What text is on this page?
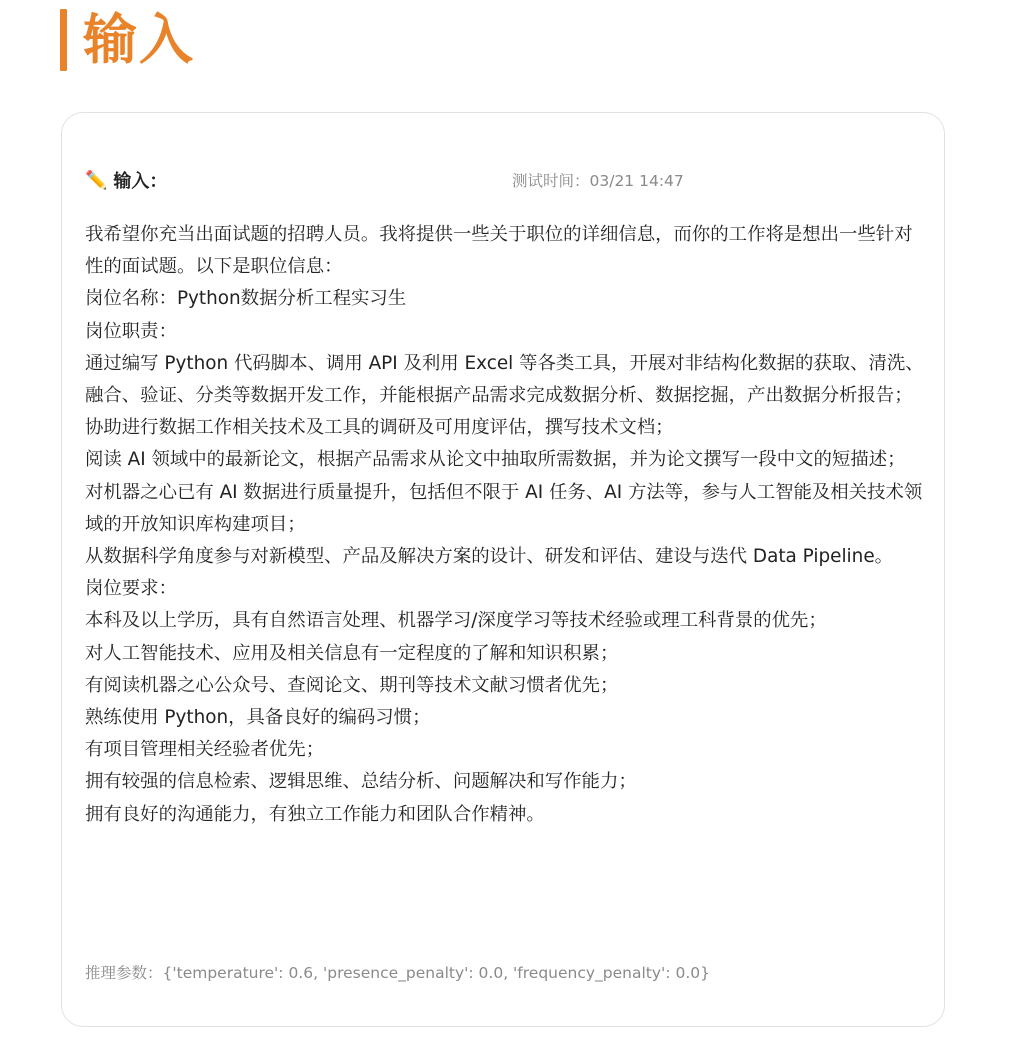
输入
✏️ 输入：	测试时间：03/21 14:47

我希望你充当出面试题的招聘人员。我将提供一些关于职位的详细信息，而你的工作将是想出一些针对性的面试题。以下是职位信息：

岗位名称：Python数据分析工程实习生

岗位职责：

通过编写 Python 代码脚本、调用 API 及利用 Excel 等各类工具，开展对非结构化数据的获取、清洗、融合、验证、分类等数据开发工作，并能根据产品需求完成数据分析、数据挖掘，产出数据分析报告；

协助进行数据工作相关技术及工具的调研及可用度评估，撰写技术文档；

阅读 AI 领域中的最新论文，根据产品需求从论文中抽取所需数据，并为论文撰写一段中文的短描述；

对机器之心已有 AI 数据进行质量提升，包括但不限于 AI 任务、AI 方法等，参与人工智能及相关技术领域的开放知识库构建项目；

从数据科学角度参与对新模型、产品及解决方案的设计、研发和评估、建设与迭代 Data Pipeline。

岗位要求：

本科及以上学历，具有自然语言处理、机器学习/深度学习等技术经验或理工科背景的优先；

对人工智能技术、应用及相关信息有一定程度的了解和知识积累；

有阅读机器之心公众号、查阅论文、期刊等技术文献习惯者优先；

熟练使用 Python，具备良好的编码习惯；

有项目管理相关经验者优先；

拥有较强的信息检索、逻辑思维、总结分析、问题解决和写作能力；

拥有良好的沟通能力，有独立工作能力和团队合作精神。

推理参数：{'temperature': 0.6, 'presence_penalty': 0.0, 'frequency_penalty': 0.0}
